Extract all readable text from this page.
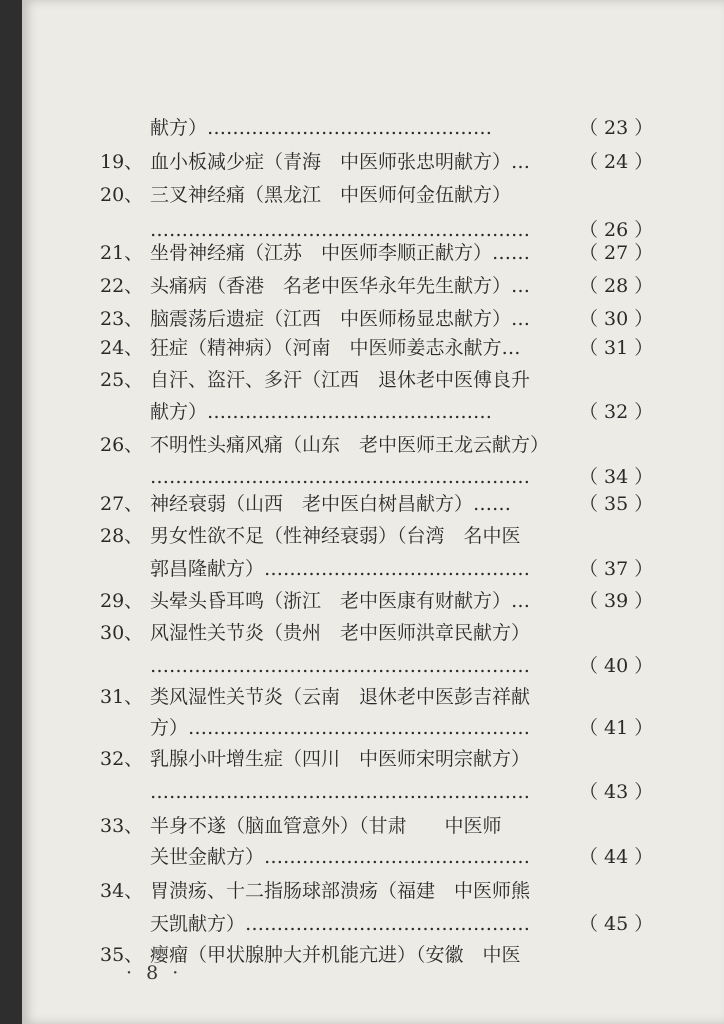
献方）………………………………………	（ 23 ）
19、 血小板减少症（青海　中医师张忠明献方）…	（ 24 ）
20、 三叉神经痛（黑龙江　中医师何金伍献方）
……………………………………………………	（ 26 ）
21、 坐骨神经痛（江苏　中医师李顺正献方）……	（ 27 ）
22、 头痛病（香港　名老中医华永年先生献方）…	（ 28 ）
23、 脑震荡后遗症（江西　中医师杨显忠献方）…	（ 30 ）
24、 狂症（精神病）（河南　中医师姜志永献方…	（ 31 ）
25、 自汗、盗汗、多汗（江西　退休老中医傅良升
献方）………………………………………	（ 32 ）
26、 不明性头痛风痛（山东　老中医师王龙云献方）
……………………………………………………	（ 34 ）
27、 神经衰弱（山西　老中医白树昌献方）……	（ 35 ）
28、 男女性欲不足（性神经衰弱）（台湾　名中医
郭昌隆献方）……………………………………	（ 37 ）
29、 头晕头昏耳鸣（浙江　老中医康有财献方）…	（ 39 ）
30、 风湿性关节炎（贵州　老中医师洪章民献方）
……………………………………………………	（ 40 ）
31、 类风湿性关节炎（云南　退休老中医彭吉祥献
方）………………………………………………	（ 41 ）
32、 乳腺小叶增生症（四川　中医师宋明宗献方）
……………………………………………………	（ 43 ）
33、 半身不遂（脑血管意外）（甘肃　　中医师
关世金献方）……………………………………	（ 44 ）
34、 胃溃疡、十二指肠球部溃疡（福建　中医师熊
天凯献方）………………………………………	（ 45 ）
35、 瘿瘤（甲状腺肿大并机能亢进）（安徽　中医
· 8 ·
